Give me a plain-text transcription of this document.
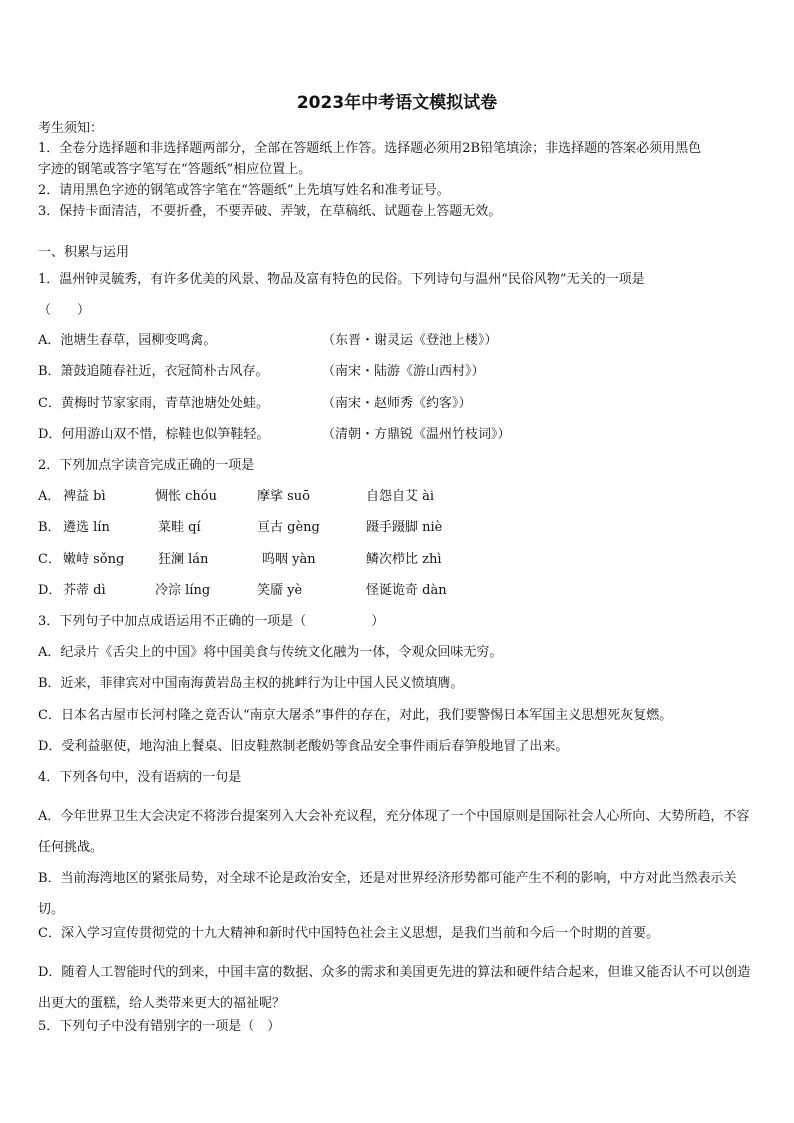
2023年中考语文模拟试卷
考生须知：
1．全卷分选择题和非选择题两部分，全部在答题纸上作答。选择题必须用2B铅笔填涂；非选择题的答案必须用黑色
字迹的钢笔或答字笔写在“答题纸”相应位置上。
2．请用黑色字迹的钢笔或答字笔在“答题纸”上先填写姓名和准考证号。
3．保持卡面清洁，不要折叠，不要弄破、弄皱，在草稿纸、试题卷上答题无效。
一、积累与运用
1．温州钟灵毓秀，有许多优美的风景、物品及富有特色的民俗。下列诗句与温州“民俗风物”无关的一项是
（　　）
A．池塘生春草，园柳变鸣禽。	（东晋・谢灵运《登池上楼》）
B．箫鼓追随春社近，衣冠简朴古风存。	（南宋・陆游《游山西村》）
C．黄梅时节家家雨，青草池塘处处蛙。	（南宋・赵师秀《约客》）
D．何用游山双不惜，棕鞋也似笋鞋轻。	（清朝・方鼎锐《温州竹枝词》）
2．下列加点字读音完成正确的一项是
A． 裨益 bì	惆怅 chóu	摩挲 suō	自怨自艾 ài
B． 遴选 lín	菜畦 qí	亘古 gèng	蹑手蹑脚 niè
C． 嫩峙 sǒng	狂澜 lán	呜咽 yàn	鳞次栉比 zhì
D． 芥蒂 dì	冷淙 líng	笑靥 yè	怪诞诡奇 dàn
3．下列句子中加点成语运用不正确的一项是（　　　　　）
A．纪录片《舌尖上的中国》将中国美食与传统文化融为一体，令观众回味无穷。
B．近来，菲律宾对中国南海黄岩岛主权的挑衅行为让中国人民义愤填膺。
C．日本名古屋市长河村隆之竟否认“南京大屠杀”事件的存在，对此，我们要警惕日本军国主义思想死灰复燃。
D．受利益驱使，地沟油上餐桌、旧皮鞋熬制老酸奶等食品安全事件雨后春笋般地冒了出来。
4．下列各句中，没有语病的一句是
A．今年世界卫生大会决定不将涉台提案列入大会补充议程，充分体现了一个中国原则是国际社会人心所向、大势所趋，不容任何挑战。
B．当前海湾地区的紧张局势，对全球不论是政治安全，还是对世界经济形势都可能产生不利的影响，中方对此当然表示关切。
C．深入学习宣传贯彻党的十九大精神和新时代中国特色社会主义思想，是我们当前和今后一个时期的首要。
D．随着人工智能时代的到来，中国丰富的数据、众多的需求和美国更先进的算法和硬件结合起来，但谁又能否认不可以创造出更大的蛋糕，给人类带来更大的福祉呢？
5．下列句子中没有错别字的一项是（　）
